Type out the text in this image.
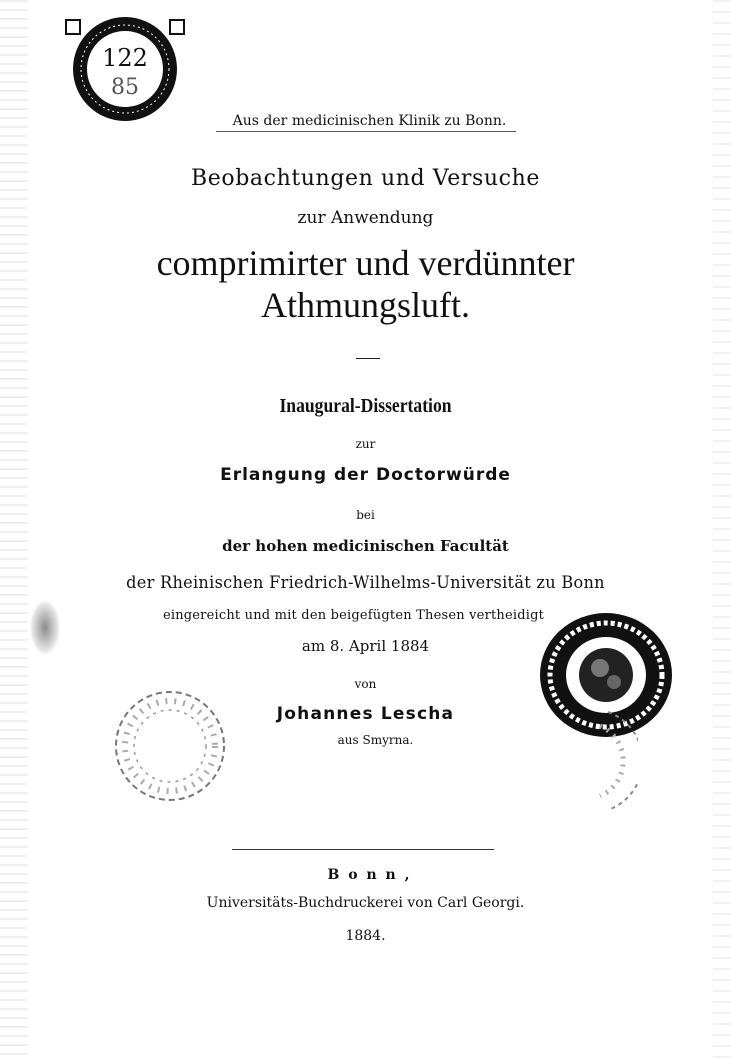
122
85
Aus der medicinischen Klinik zu Bonn.
Beobachtungen und Versuche
zur Anwendung
comprimirter und verdünnter
Athmungsluft.
Inaugural-Dissertation
zur
Erlangung der Doctorwürde
bei
der hohen medicinischen Facultät
der Rheinischen Friedrich-Wilhelms-Universität zu Bonn
eingereicht und mit den beigefügten Thesen vertheidigt
am 8. April 1884
von
Johannes Lescha
aus Smyrna.
B o n n ,
Universitäts-Buchdruckerei von Carl Georgi.
1884.
